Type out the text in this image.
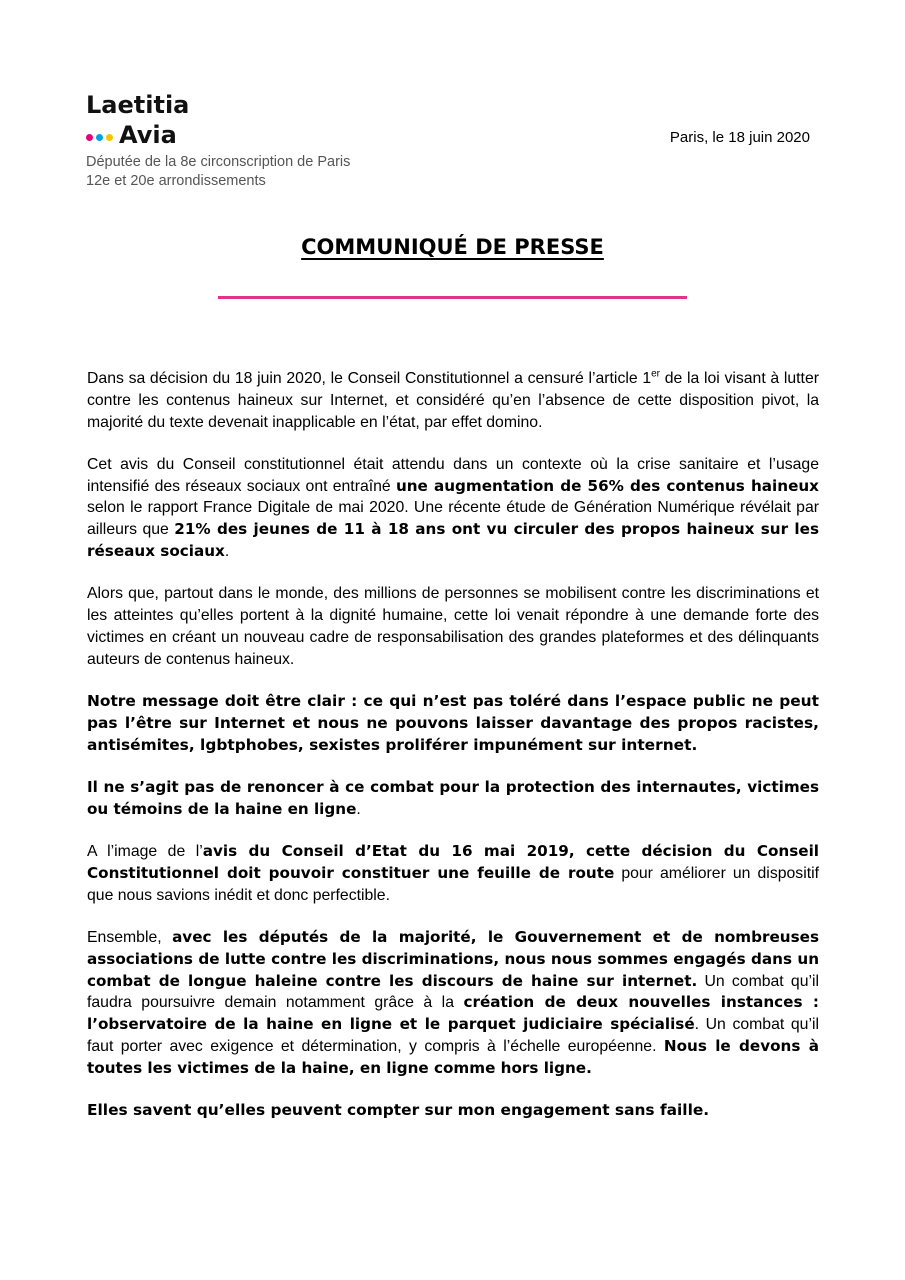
Laetitia
Avia
Députée de la 8e circonscription de Paris
12e et 20e arrondissements
Paris, le 18 juin 2020
COMMUNIQUÉ DE PRESSE

Dans sa décision du 18 juin 2020, le Conseil Constitutionnel a censuré l’article 1er de la loi visant à lutter contre les contenus haineux sur Internet, et considéré qu’en l’absence de cette disposition pivot, la majorité du texte devenait inapplicable en l’état, par effet domino.

Cet avis du Conseil constitutionnel était attendu dans un contexte où la crise sanitaire et l’usage intensifié des réseaux sociaux ont entraîné une augmentation de 56% des contenus haineux selon le rapport France Digitale de mai 2020. Une récente étude de Génération Numérique révélait par ailleurs que 21% des jeunes de 11 à 18 ans ont vu circuler des propos haineux sur les réseaux sociaux.

Alors que, partout dans le monde, des millions de personnes se mobilisent contre les discriminations et les atteintes qu’elles portent à la dignité humaine, cette loi venait répondre à une demande forte des victimes en créant un nouveau cadre de responsabilisation des grandes plateformes et des délinquants auteurs de contenus haineux.

Notre message doit être clair : ce qui n’est pas toléré dans l’espace public ne peut pas l’être sur Internet et nous ne pouvons laisser davantage des propos racistes, antisémites, lgbtphobes, sexistes proliférer impunément sur internet.

Il ne s’agit pas de renoncer à ce combat pour la protection des internautes, victimes ou témoins de la haine en ligne.

A l’image de l’avis du Conseil d’Etat du 16 mai 2019, cette décision du Conseil Constitutionnel doit pouvoir constituer une feuille de route pour améliorer un dispositif que nous savions inédit et donc perfectible.

Ensemble, avec les députés de la majorité, le Gouvernement et de nombreuses associations de lutte contre les discriminations, nous nous sommes engagés dans un combat de longue haleine contre les discours de haine sur internet. Un combat qu’il faudra poursuivre demain notamment grâce à la création de deux nouvelles instances : l’observatoire de la haine en ligne et le parquet judiciaire spécialisé. Un combat qu’il faut porter avec exigence et détermination, y compris à l’échelle européenne. Nous le devons à toutes les victimes de la haine, en ligne comme hors ligne.

Elles savent qu’elles peuvent compter sur mon engagement sans faille.
